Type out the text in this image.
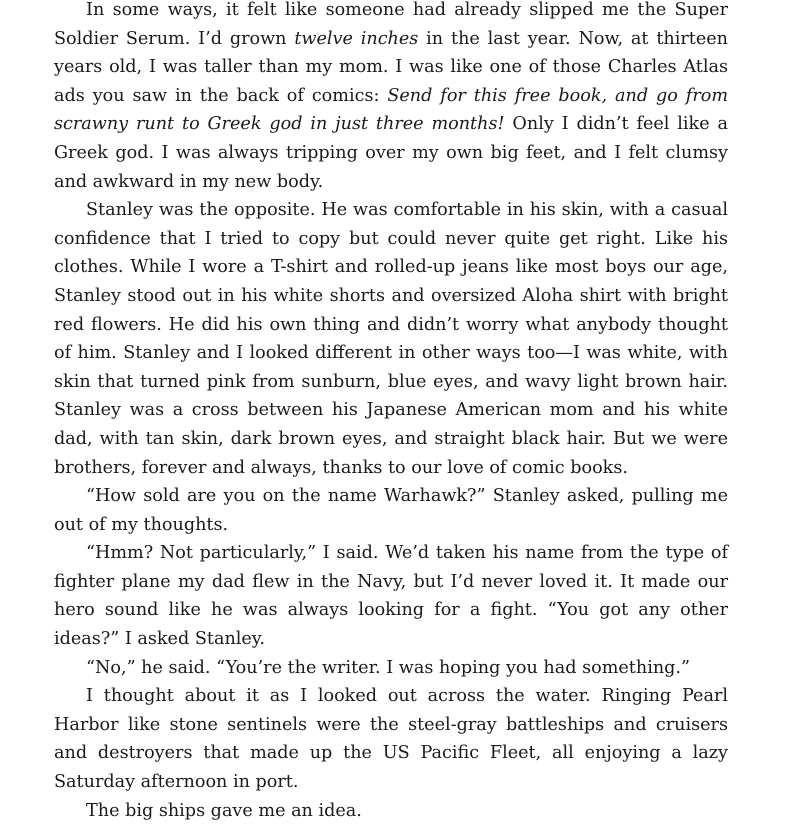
In some ways, it felt like someone had already slipped me the Super Soldier Serum. I’d grown twelve inches in the last year. Now, at thirteen years old, I was taller than my mom. I was like one of those Charles Atlas ads you saw in the back of comics: Send for this free book, and go from scrawny runt to Greek god in just three months! Only I didn’t feel like a Greek god. I was always tripping over my own big feet, and I felt clumsy and awkward in my new body.

Stanley was the opposite. He was comfortable in his skin, with a casual confidence that I tried to copy but could never quite get right. Like his clothes. While I wore a T-shirt and rolled-up jeans like most boys our age, Stanley stood out in his white shorts and oversized Aloha shirt with bright red flowers. He did his own thing and didn’t worry what anybody thought of him. Stanley and I looked different in other ways too—I was white, with skin that turned pink from sunburn, blue eyes, and wavy light brown hair. Stanley was a cross between his Japanese American mom and his white dad, with tan skin, dark brown eyes, and straight black hair. But we were brothers, forever and always, thanks to our love of comic books.

“How sold are you on the name Warhawk?” Stanley asked, pulling me out of my thoughts.

“Hmm? Not particularly,” I said. We’d taken his name from the type of fighter plane my dad flew in the Navy, but I’d never loved it. It made our hero sound like he was always looking for a fight. “You got any other ideas?” I asked Stanley.

“No,” he said. “You’re the writer. I was hoping you had something.”

I thought about it as I looked out across the water. Ringing Pearl Harbor like stone sentinels were the steel-gray battleships and cruisers and destroyers that made up the US Pacific Fleet, all enjoying a lazy Saturday afternoon in port.

The big ships gave me an idea.
